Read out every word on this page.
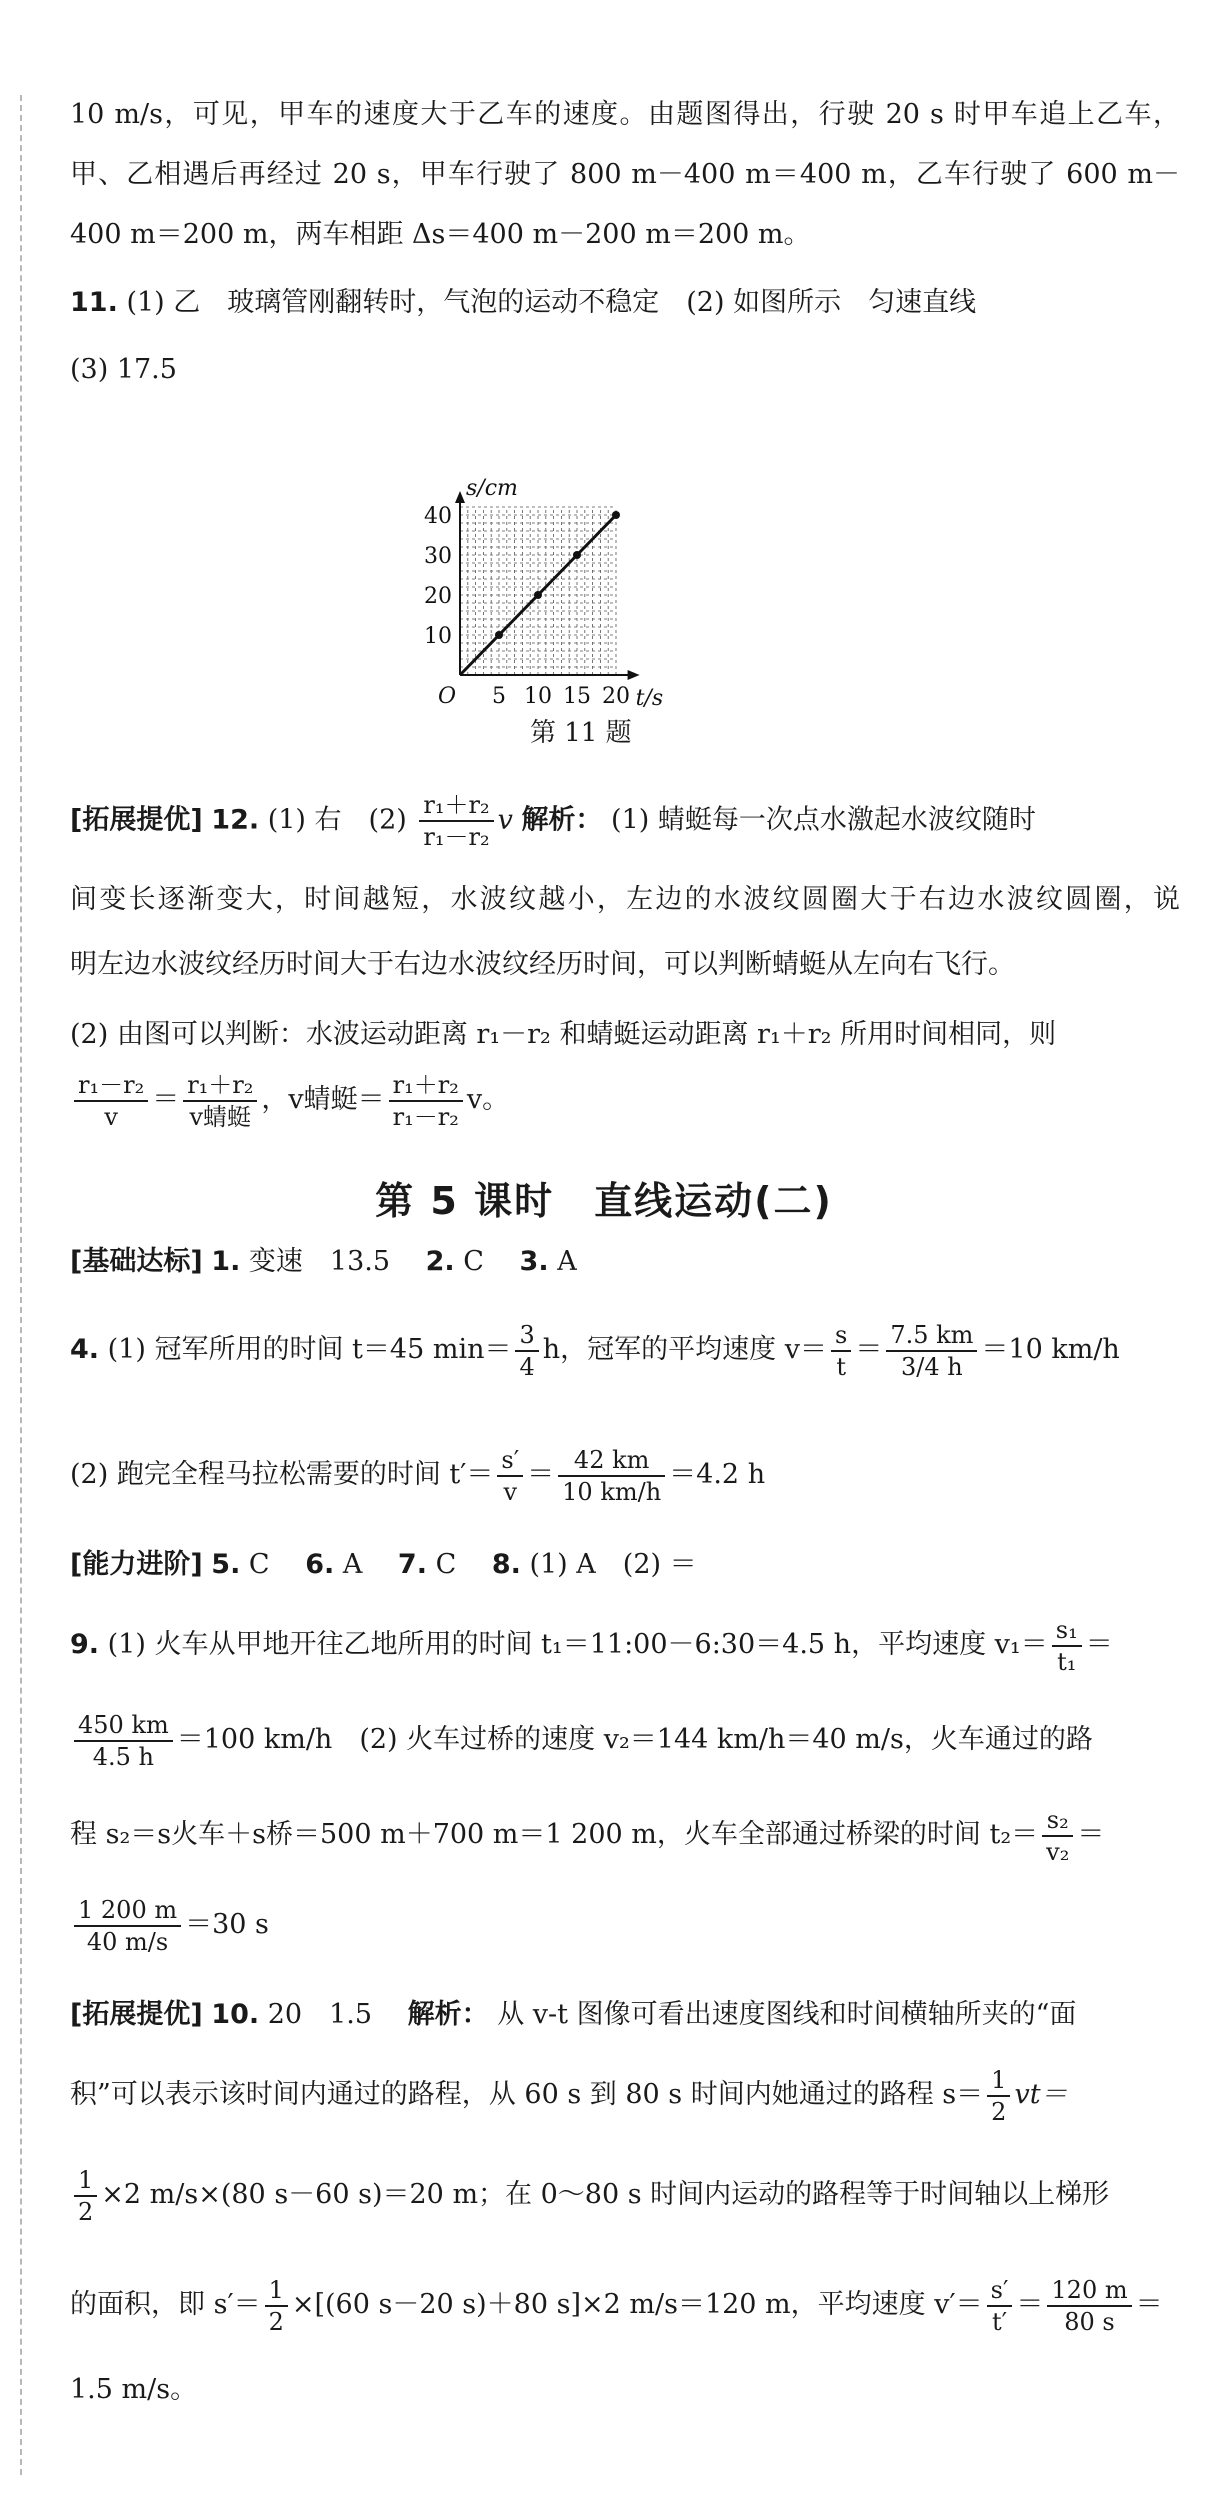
10 m/s，可见，甲车的速度大于乙车的速度。由题图得出，行驶 20 s 时甲车追上乙车，
甲、乙相遇后再经过 20 s，甲车行驶了 800 m－400 m＝400 m，乙车行驶了 600 m－
400 m＝200 m，两车相距 Δs＝400 m－200 m＝200 m。
11. (1) 乙　玻璃管刚翻转时，气泡的运动不稳定　(2) 如图所示　匀速直线
(3) 17.5
s/cm
t/s
O 5 10 15 20
10
20
30
40
第 11 题
[拓展提优] 12. (1) 右　$(2) \frac{\text{r₁＋r₂}}{\text{r₁－r₂}}$ v 解析： (1) 蜻蜓每一次点水激起水波纹随时
间变长逐渐变大，时间越短，水波纹越小，左边的水波纹圆圈大于右边水波纹圆圈，说
明左边水波纹经历时间大于右边水波纹经历时间，可以判断蜻蜓从左向右飞行。
(2) 由图可以判断：水波运动距离 r₁－r₂ 和蜻蜓运动距离 r₁＋r₂ 所用时间相同，则
$\frac{\text{r₁－r₂}}{v} = \frac{\text{r₁＋r₂}}{\text{v蜻蜓}}$ ，v蜻蜓＝ $\frac{\text{r₁＋r₂}}{\text{r₁－r₂}}$ v。
第 5 课时　直线运动(二)
[基础达标] 1. 变速　13.5　 2. C　 3. A
4. (1) 冠军所用的时间 t＝45 $\min= \frac{3}{4}$ h，冠军的平均速度 $v= \frac{s}{t} = \frac{7.5 km}{3/4 h} =10$ km/h
(2) 跑完全程马拉松需要的时间 $t'= \frac{s'}{v} = \frac{42 km}{10 km/h} =4.2$ h
[能力进阶] 5. C　 6. A　 7. C　 8. (1) A　(2) ＝
9. (1) 火车从甲地开往乙地所用的时间 t₁＝11:00－6:30＝4.5 h，平均速度 $v_1= \frac{\text{s₁}}{\text{t₁}}$ ＝
$\frac{450 km}{4.5 h} =100$ km/h　(2) 火车过桥的速度 v₂＝144 km/h＝40 m/s，火车通过的路
程 s₂＝s火车＋s桥＝500 m＋700 m＝1 200 m，火车全部通过桥梁的时间 $t_2= \frac{\text{s₂}}{\text{v₂}}$ ＝
$\frac{1 200 m}{40 m/s} =30$ s
[拓展提优] 10. 20　1.5　 解析： 从 v-t 图像可看出速度图线和时间横轴所夹的“面
积”可以表示该时间内通过的路程，从 60 s 到 80 s 时间内她通过的路程 $s= \frac{1}{2} vt=$
$\frac{1}{2} \times 2$ m/s×(80 s－60 s)＝20 m；在 0～80 s 时间内运动的路程等于时间轴以上梯形
的面积，即 $s'= \frac{1}{2} \times[(60$ s－20 s)＋80 s]×2 m/s＝120 m，平均速度 $v'= \frac{s'}{t'} = \frac{120 m}{80 s}$ ＝
1.5 m/s。
